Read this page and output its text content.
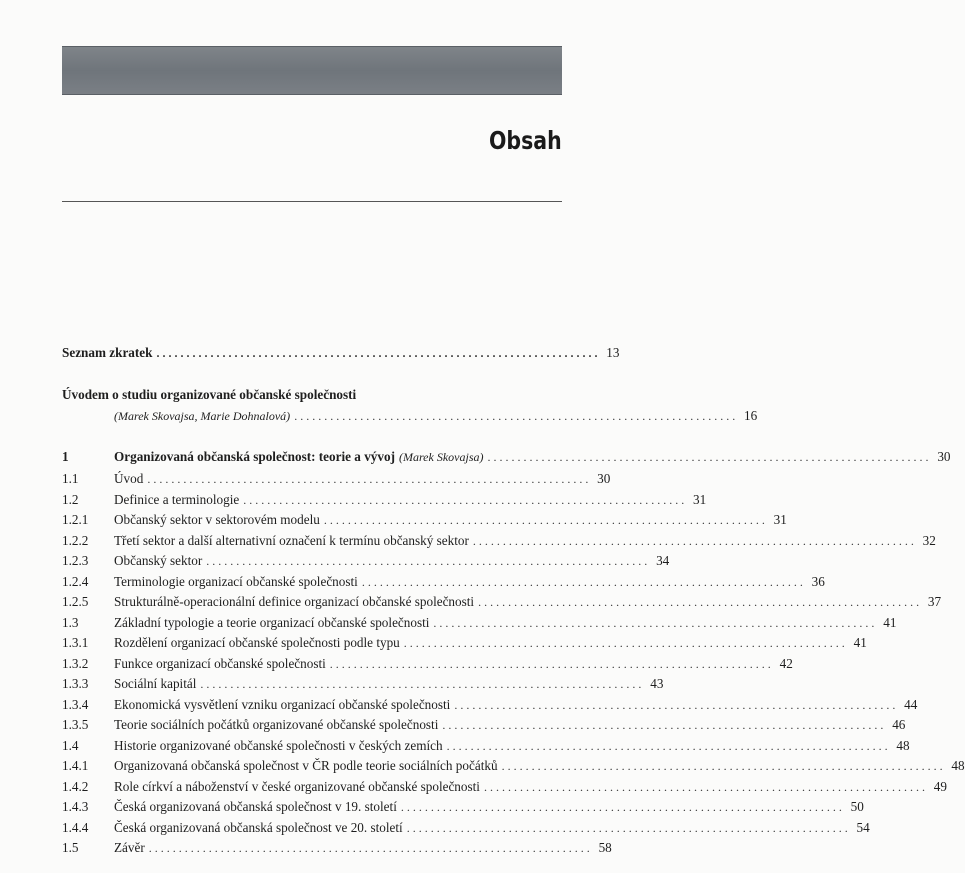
Obsah
Seznam zkratek . . .	13
Úvodem o studiu organizované občanské společnosti
(Marek Skovajsa, Marie Dohnalová) . . .	16
1	Organizovaná občanská společnost: teorie a vývoj (Marek Skovajsa) . . .	30
1.1	Úvod . . .	30
1.2	Definice a terminologie . . .	31
1.2.1	Občanský sektor v sektorovém modelu . . .	31
1.2.2	Třetí sektor a další alternativní označení k termínu občanský sektor . . .	32
1.2.3	Občanský sektor . . .	34
1.2.4	Terminologie organizací občanské společnosti . . .	36
1.2.5	Strukturálně-operacionální definice organizací občanské společnosti . . .	37
1.3	Základní typologie a teorie organizací občanské společnosti . . .	41
1.3.1	Rozdělení organizací občanské společnosti podle typu . . .	41
1.3.2	Funkce organizací občanské společnosti . . .	42
1.3.3	Sociální kapitál . . .	43
1.3.4	Ekonomická vysvětlení vzniku organizací občanské společnosti . . .	44
1.3.5	Teorie sociálních počátků organizované občanské společnosti . . .	46
1.4	Historie organizované občanské společnosti v českých zemích . . .	48
1.4.1	Organizovaná občanská společnost v ČR podle teorie sociálních počátků . . .	48
1.4.2	Role církví a náboženství v české organizované občanské společnosti . . .	49
1.4.3	Česká organizovaná občanská společnost v 19. století . . .	50
1.4.4	Česká organizovaná občanská společnost ve 20. století . . .	54
1.5	Závěr . . .	58
